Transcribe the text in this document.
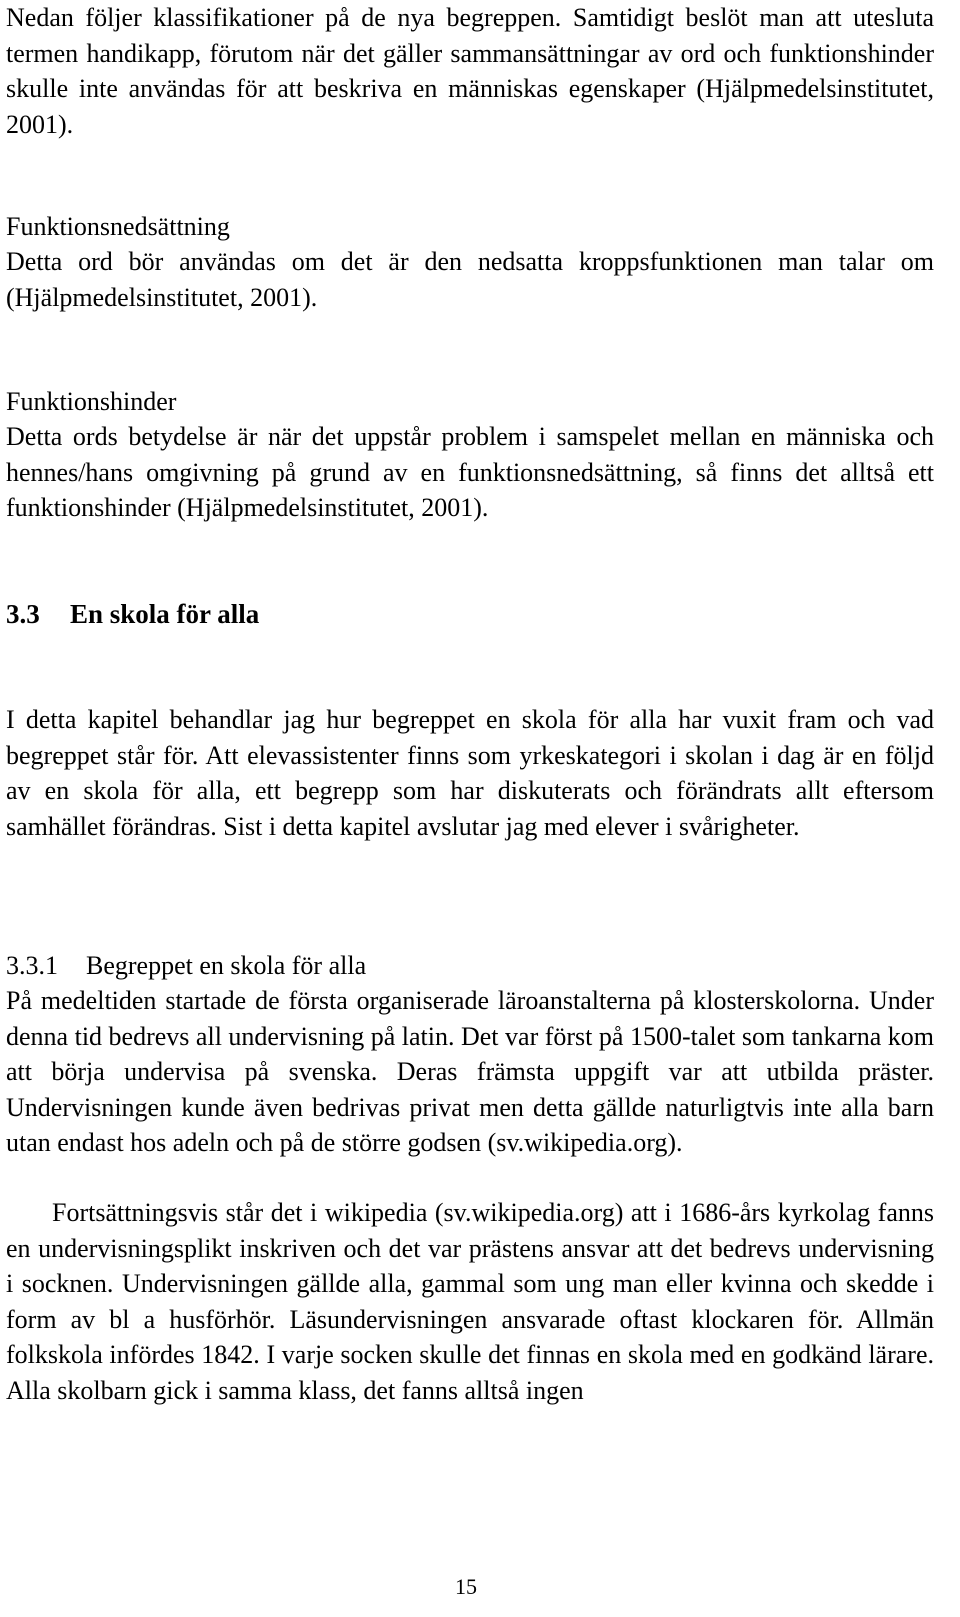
Nedan följer klassifikationer på de nya begreppen. Samtidigt beslöt man att utesluta termen handikapp, förutom när det gäller sammansättningar av ord och funktionshinder skulle inte användas för att beskriva en människas egenskaper (Hjälpmedelsinstitutet, 2001).

Funktionsnedsättning

Detta ord bör användas om det är den nedsatta kroppsfunktionen man talar om (Hjälpmedelsinstitutet, 2001).

Funktionshinder

Detta ords betydelse är när det uppstår problem i samspelet mellan en människa och hennes/hans omgivning på grund av en funktionsnedsättning, så finns det alltså ett funktionshinder (Hjälpmedelsinstitutet, 2001).

3.3 En skola för alla

I detta kapitel behandlar jag hur begreppet en skola för alla har vuxit fram och vad begreppet står för. Att elevassistenter finns som yrkeskategori i skolan i dag är en följd av en skola för alla, ett begrepp som har diskuterats och förändrats allt eftersom samhället förändras. Sist i detta kapitel avslutar jag med elever i svårigheter.

3.3.1 Begreppet en skola för alla

På medeltiden startade de första organiserade läroanstalterna på klosterskolorna. Under denna tid bedrevs all undervisning på latin. Det var först på 1500-talet som tankarna kom att börja undervisa på svenska. Deras främsta uppgift var att utbilda präster. Undervisningen kunde även bedrivas privat men detta gällde naturligtvis inte alla barn utan endast hos adeln och på de större godsen (sv.wikipedia.org).

Fortsättningsvis står det i wikipedia (sv.wikipedia.org) att i 1686-års kyrkolag fanns en undervisningsplikt inskriven och det var prästens ansvar att det bedrevs undervisning i socknen. Undervisningen gällde alla, gammal som ung man eller kvinna och skedde i form av bl a husförhör. Läsundervisningen ansvarade oftast klockaren för. Allmän folkskola infördes 1842. I varje socken skulle det finnas en skola med en godkänd lärare. Alla skolbarn gick i samma klass, det fanns alltså ingen

15
